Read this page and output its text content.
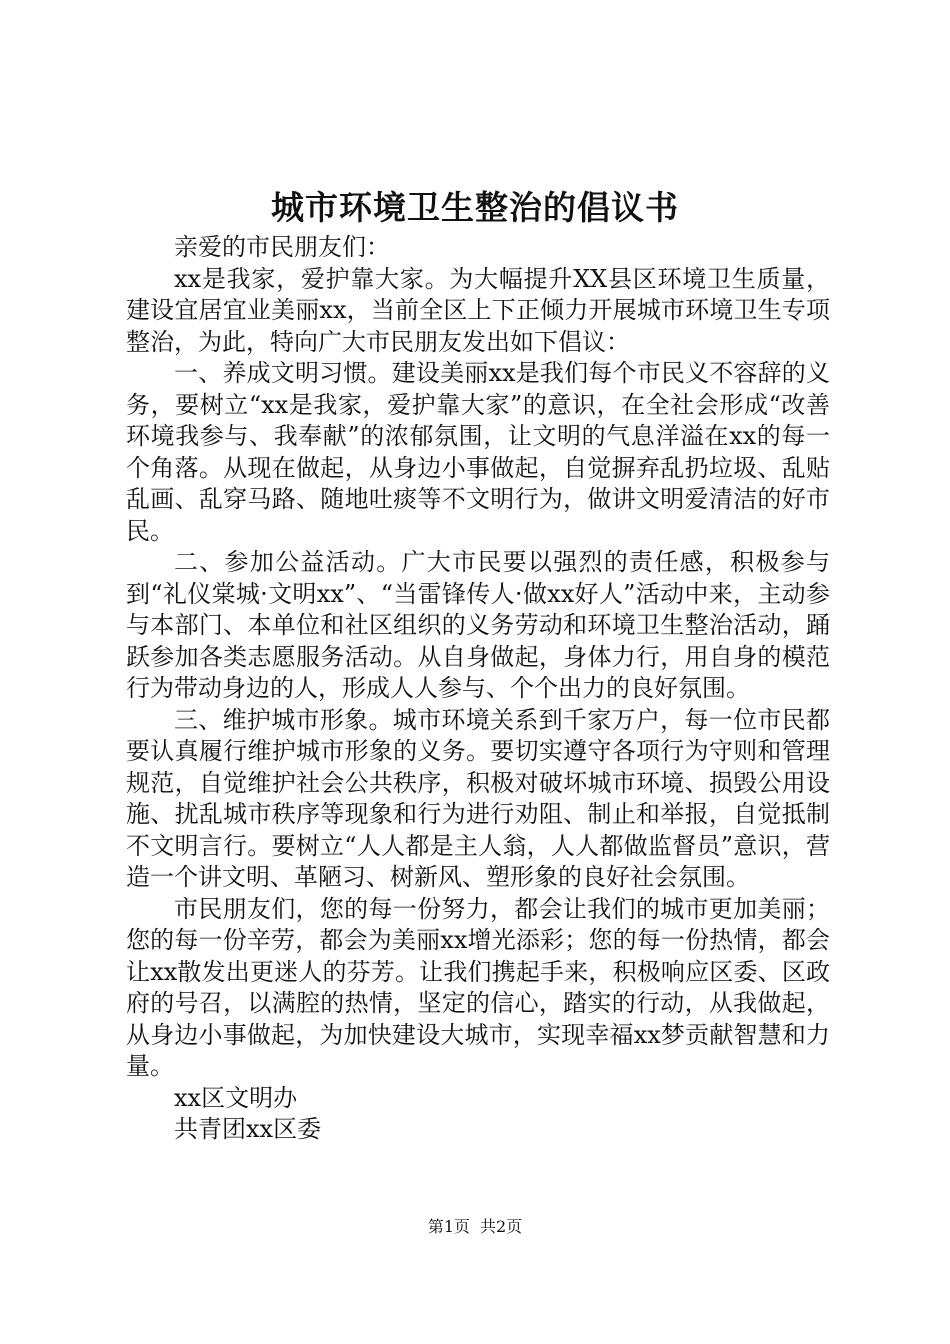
城市环境卫生整治的倡议书

亲爱的市民朋友们：

xx是我家，爱护靠大家。为大幅提升XX县区环境卫生质量，建设宜居宜业美丽xx，当前全区上下正倾力开展城市环境卫生专项整治，为此，特向广大市民朋友发出如下倡议：

一、养成文明习惯。建设美丽xx是我们每个市民义不容辞的义务，要树立“xx是我家，爱护靠大家”的意识，在全社会形成“改善环境我参与、我奉献”的浓郁氛围，让文明的气息洋溢在xx的每一个角落。从现在做起，从身边小事做起，自觉摒弃乱扔垃圾、乱贴乱画、乱穿马路、随地吐痰等不文明行为，做讲文明爱清洁的好市民。

二、参加公益活动。广大市民要以强烈的责任感，积极参与到“礼仪棠城·文明xx”、“当雷锋传人·做xx好人”活动中来，主动参与本部门、本单位和社区组织的义务劳动和环境卫生整治活动，踊跃参加各类志愿服务活动。从自身做起，身体力行，用自身的模范行为带动身边的人，形成人人参与、个个出力的良好氛围。

三、维护城市形象。城市环境关系到千家万户，每一位市民都要认真履行维护城市形象的义务。要切实遵守各项行为守则和管理规范，自觉维护社会公共秩序，积极对破坏城市环境、损毁公用设施、扰乱城市秩序等现象和行为进行劝阻、制止和举报，自觉抵制不文明言行。要树立“人人都是主人翁，人人都做监督员”意识，营造一个讲文明、革陋习、树新风、塑形象的良好社会氛围。

市民朋友们，您的每一份努力，都会让我们的城市更加美丽；您的每一份辛劳，都会为美丽xx增光添彩；您的每一份热情，都会让xx散发出更迷人的芬芳。让我们携起手来，积极响应区委、区政府的号召，以满腔的热情，坚定的信心，踏实的行动，从我做起，从身边小事做起，为加快建设大城市，实现幸福xx梦贡献智慧和力量。

xx区文明办

共青团xx区委

第1页 共2页
